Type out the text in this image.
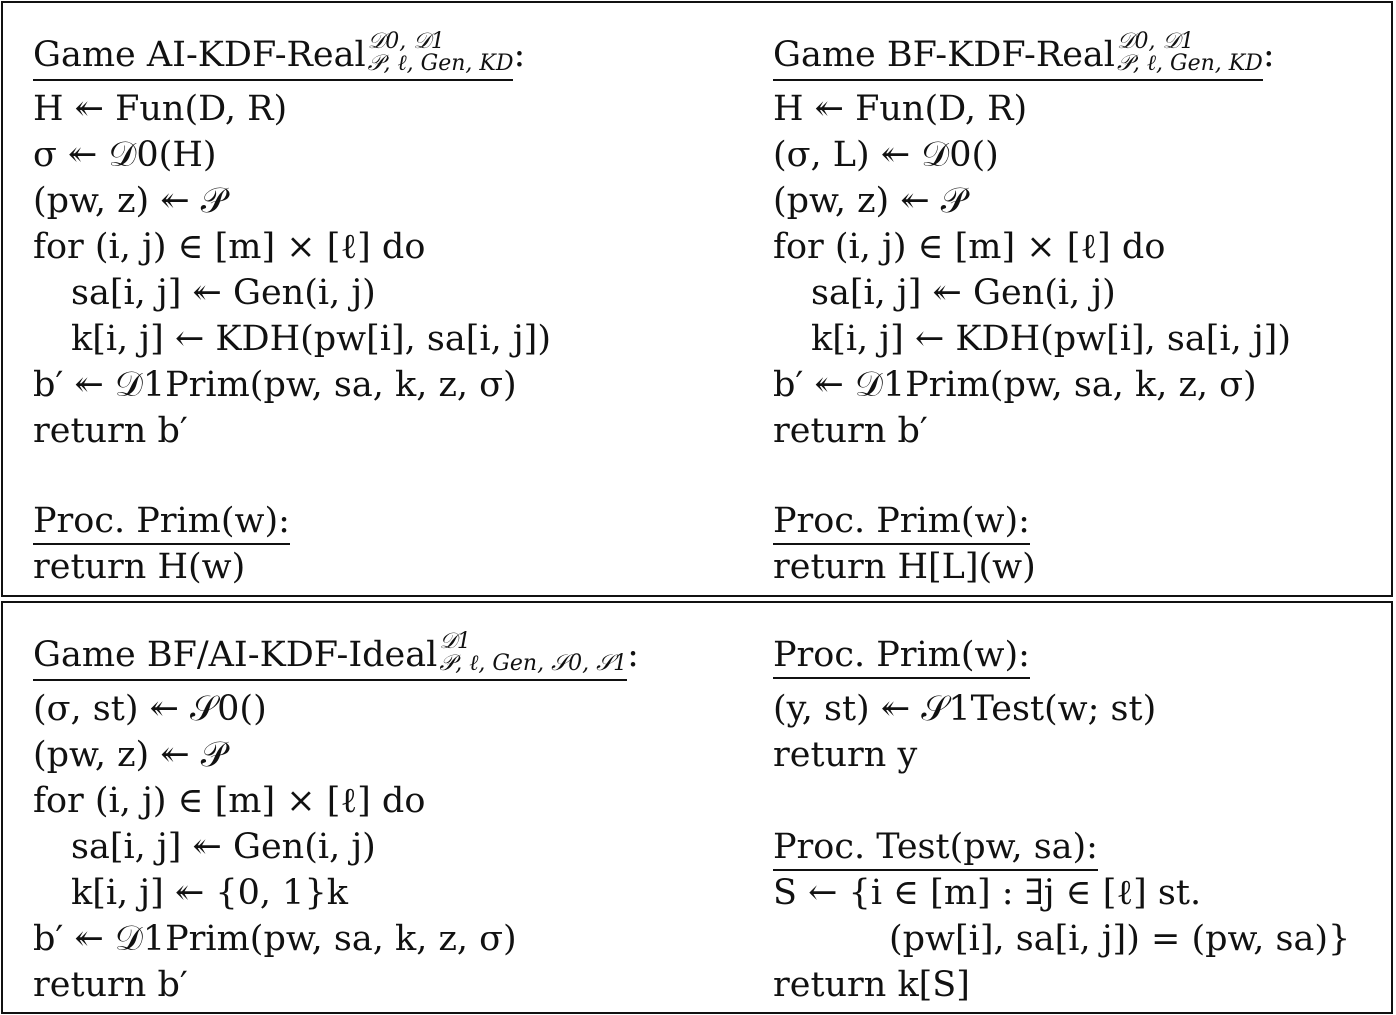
Game AI-KDF-Real 𝒟0, 𝒟1
𝒫, ℓ, Gen, KD :
H ↞ Fun(D, R)
σ ↞ 𝒟0(H)
(pw, z) ↞ 𝒫
for (i, j) ∈ [m] × [ℓ] do
sa[i, j] ↞ Gen(i, j)
k[i, j] ← KDH(pw[i], sa[i, j])
b′ ↞ 𝒟1Prim(pw, sa, k, z, σ)
return b′
Proc. Prim(w):
return H(w)
Game BF-KDF-Real 𝒟0, 𝒟1
𝒫, ℓ, Gen, KD :
H ↞ Fun(D, R)
(σ, L) ↞ 𝒟0()
(pw, z) ↞ 𝒫
for (i, j) ∈ [m] × [ℓ] do
sa[i, j] ↞ Gen(i, j)
k[i, j] ← KDH(pw[i], sa[i, j])
b′ ↞ 𝒟1Prim(pw, sa, k, z, σ)
return b′
Proc. Prim(w):
return H[L](w)
Game BF/AI-KDF-Ideal 𝒟1
𝒫, ℓ, Gen, 𝒮0, 𝒮1 :
(σ, st) ↞ 𝒮0()
(pw, z) ↞ 𝒫
for (i, j) ∈ [m] × [ℓ] do
sa[i, j] ↞ Gen(i, j)
k[i, j] ↞ {0, 1}k
b′ ↞ 𝒟1Prim(pw, sa, k, z, σ)
return b′
Proc. Prim(w):
(y, st) ↞ 𝒮1Test(w; st)
return y
Proc. Test(pw, sa):
S ← {i ∈ [m] : ∃j ∈ [ℓ] st.
(pw[i], sa[i, j]) = (pw, sa)}
return k[S]
